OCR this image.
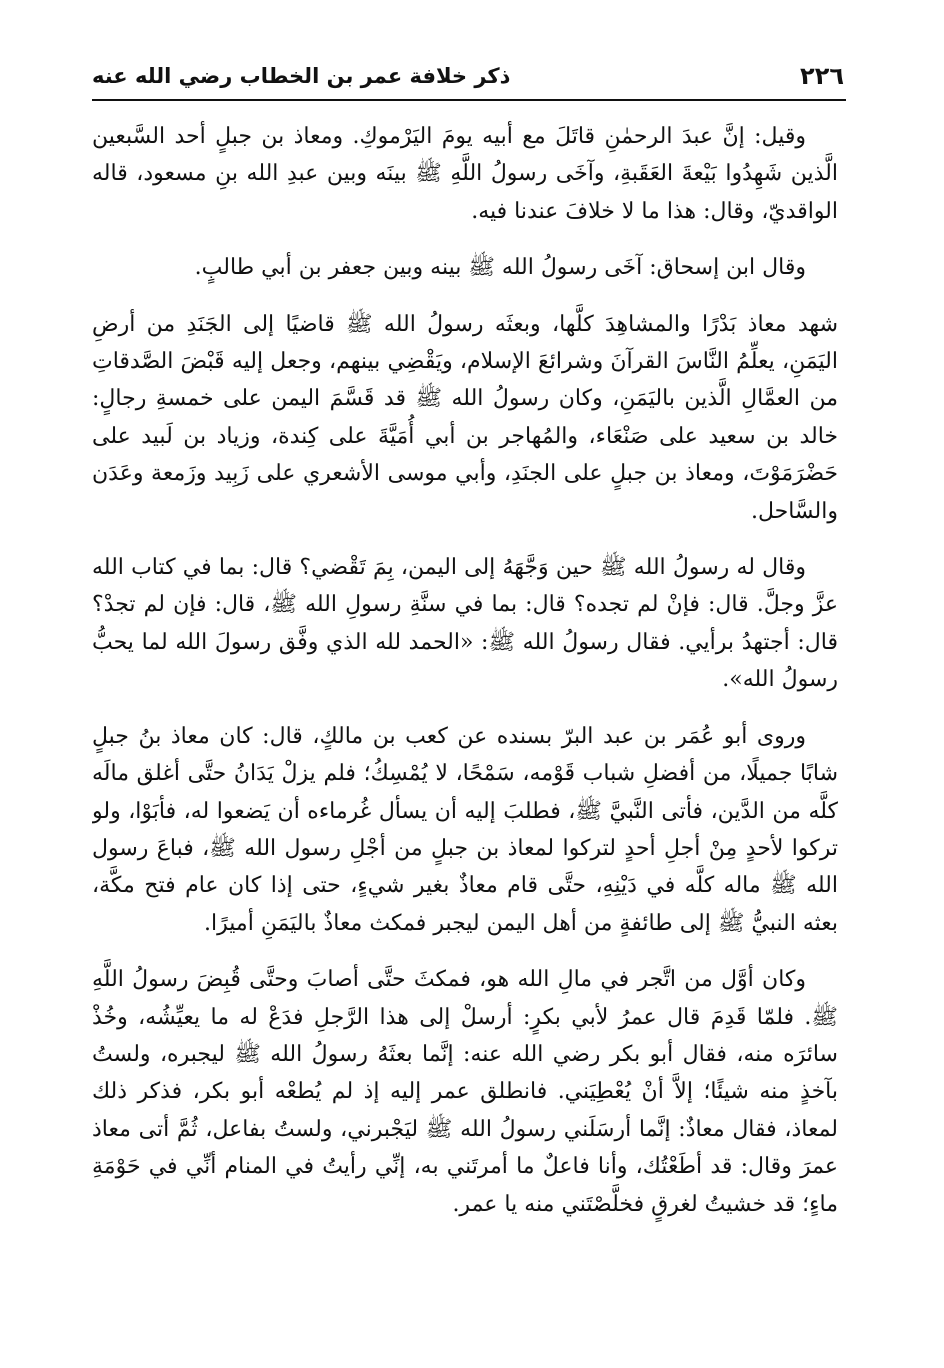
٢٢٦
ذكر خلافة عمر بن الخطاب رضي الله عنه

وقيل: إنَّ عبدَ الرحمٰنِ قاتَلَ مع أبيه يومَ اليَرْموكِ. ومعاذ بن جبلٍ أحد السَّبعين الَّذين شَهِدُوا بَيْعةَ العَقَبةِ، وآخَى رسولُ اللَّهِ ﷺ بينَه وبين عبدِ الله بنِ مسعود، قاله الواقديّ، وقال: هذا ما لا خلافَ عندنا فيه.

وقال ابن إسحاق: آخَى رسولُ الله ﷺ بينه وبين جعفر بن أبي طالبٍ.

شهد معاذ بَدْرًا والمشاهِدَ كلَّها، وبعثَه رسولُ الله ﷺ قاضيًا إلى الجَنَدِ من أرضِ اليَمَنِ، يعلِّمُ النَّاسَ القرآنَ وشرائعَ الإسلام، ويَقْضِي بينهم، وجعل إليه قَبْضَ الصَّدقاتِ من العمَّالِ الَّذين باليَمَنِ، وكان رسولُ الله ﷺ قد قَسَّمَ اليمن على خمسةِ رجالٍ: خالد بن سعيد على صَنْعَاء، والمُهاجر بن أبي أُمَيَّةَ على كِندة، وزياد بن لَبيد على حَضْرَمَوْتَ، ومعاذ بن جبلٍ على الجنَدِ، وأبي موسى الأشعري على زَبِيد وزَمعة وعَدَن والسَّاحل.

وقال له رسولُ الله ﷺ حين وَجَّهَهُ إلى اليمن، بِمَ تَقْضي؟ قال: بما في كتاب الله عزَّ وجلَّ. قال: فإنْ لم تجده؟ قال: بما في سنَّةِ رسولِ الله ﷺ، قال: فإن لم تجدْ؟ قال: أجتهدُ برأيي. فقال رسولُ الله ﷺ: «الحمد لله الذي وفَّق رسولَ الله لما يحبُّ رسولُ الله».

وروى أبو عُمَر بن عبد البرّ بسنده عن كعب بن مالكٍ، قال: كان معاذ بنُ جبلٍ شابًا جميلًا، من أفضلِ شباب قَوْمه، سَمْحًا، لا يُمْسِكُ؛ فلم يزلْ يَدَانُ حتَّى أغلق مالَه كلَّه من الدَّين، فأتى النَّبيَّ ﷺ، فطلبَ إليه أن يسأل غُرماءه أن يَضعوا له، فأبَوْا، ولو تركوا لأحدٍ مِنْ أجلِ أحدٍ لتركوا لمعاذ بن جبلٍ من أجْلِ رسول الله ﷺ، فباعَ رسول الله ﷺ ماله كلَّه في دَيْنِهِ، حتَّى قام معاذٌ بغير شيءٍ، حتى إذا كان عام فتح مكَّة، بعثه النبيُّ ﷺ إلى طائفةٍ من أهل اليمن ليجبر فمكث معاذٌ باليَمَنِ أميرًا.

وكان أوَّل من اتَّجر في مالِ الله هو، فمكثَ حتَّى أصابَ وحتَّى قُبِضَ رسولُ اللَّهِ ﷺ. فلمّا قَدِمَ قال عمرُ لأبي بكرٍ: أرسلْ إلى هذا الرَّجلِ فدَعْ له ما يعيِّشُه، وخُذْ سائرَه منه، فقال أبو بكر رضي الله عنه: إنَّما بعثَهُ رسولُ الله ﷺ ليجبره، ولستُ بآخذٍ منه شيئًا؛ إلاَّ أنْ يُعْطِيَني. فانطلق عمر إليه إذ لم يُطعْه أبو بكر، فذكر ذلك لمعاذ، فقال معاذٌ: إنَّما أرسَلَني رسولُ الله ﷺ ليَجْبرني، ولستُ بفاعل، ثُمَّ أتى معاذ عمرَ وقال: قد أطَعْتُك، وأنا فاعلٌ ما أمرتَني به، إنِّي رأيتُ في المنام أنِّي في حَوْمَةِ ماءٍ؛ قد خشيتُ لغرقٍ فخلَّصْتَني منه يا عمر.
